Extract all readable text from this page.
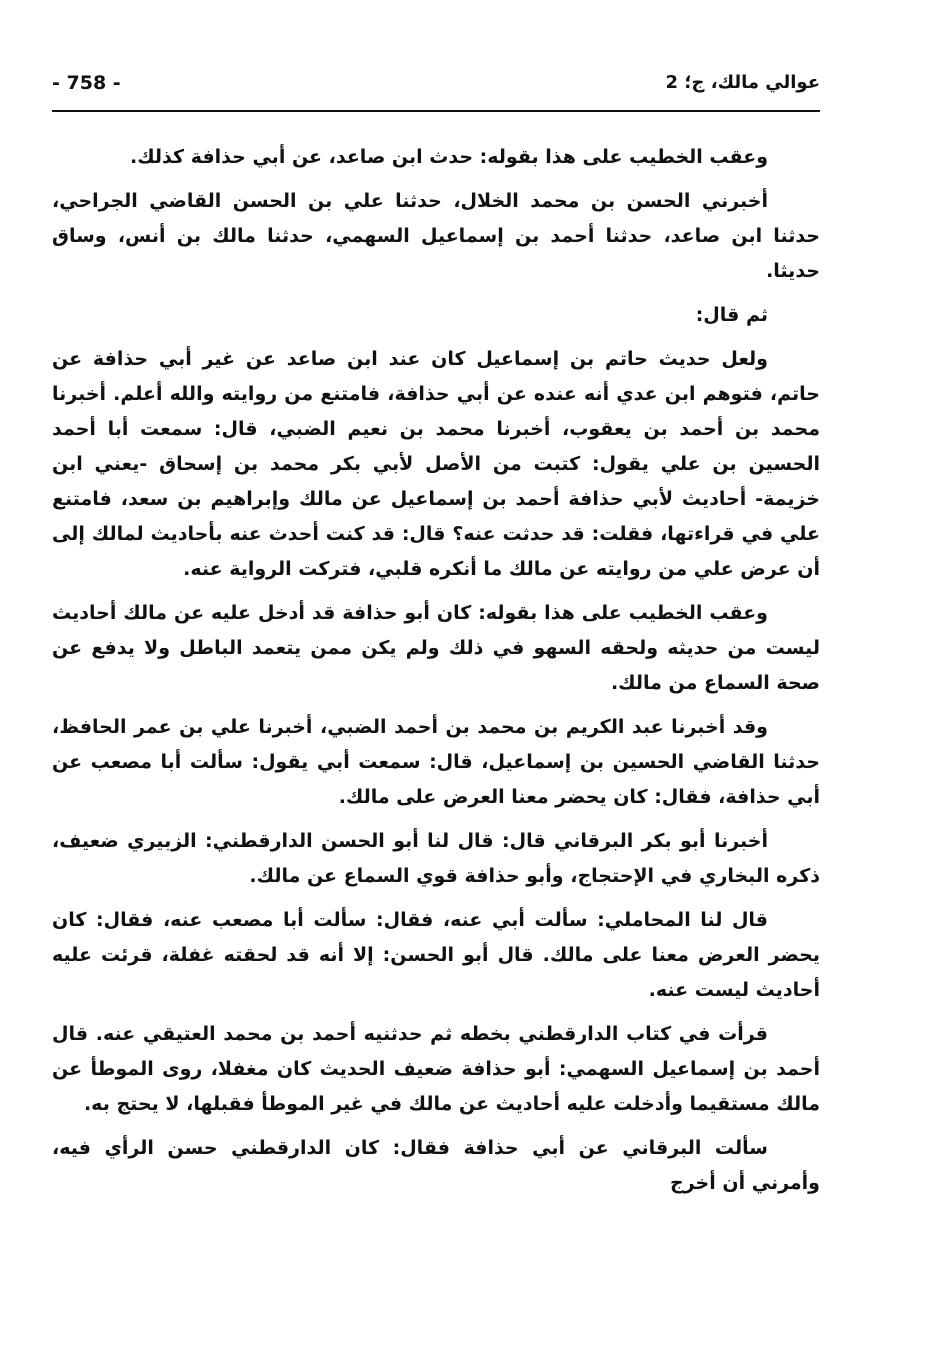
عوالي مالك، ج؛ 2
- 758 -

وعقب الخطيب على هذا بقوله: حدث ابن صاعد، عن أبي حذافة كذلك.

أخبرني الحسن بن محمد الخلال، حدثنا علي بن الحسن القاضي الجراحي، حدثنا ابن صاعد، حدثنا أحمد بن إسماعيل السهمي، حدثنا مالك بن أنس، وساق حديثا.

ثم قال:

ولعل حديث حاتم بن إسماعيل كان عند ابن صاعد عن غير أبي حذافة عن حاتم، فتوهم ابن عدي أنه عنده عن أبي حذافة، فامتنع من روايته والله أعلم. أخبرنا محمد بن أحمد بن يعقوب، أخبرنا محمد بن نعيم الضبي، قال: سمعت أبا أحمد الحسين بن علي يقول: كتبت من الأصل لأبي بكر محمد بن إسحاق -يعني ابن خزيمة- أحاديث لأبي حذافة أحمد بن إسماعيل عن مالك وإبراهيم بن سعد، فامتنع علي في قراءتها، فقلت: قد حدثت عنه؟ قال: قد كنت أحدث عنه بأحاديث لمالك إلى أن عرض علي من روايته عن مالك ما أنكره قلبي، فتركت الرواية عنه.

وعقب الخطيب على هذا بقوله: كان أبو حذافة قد أدخل عليه عن مالك أحاديث ليست من حديثه ولحقه السهو في ذلك ولم يكن ممن يتعمد الباطل ولا يدفع عن صحة السماع من مالك.

وقد أخبرنا عبد الكريم بن محمد بن أحمد الضبي، أخبرنا علي بن عمر الحافظ، حدثنا القاضي الحسين بن إسماعيل، قال: سمعت أبي يقول: سألت أبا مصعب عن أبي حذافة، فقال: كان يحضر معنا العرض على مالك.

أخبرنا أبو بكر البرقاني قال: قال لنا أبو الحسن الدارقطني: الزبيري ضعيف، ذكره البخاري في الإحتجاج، وأبو حذافة قوي السماع عن مالك.

قال لنا المحاملي: سألت أبي عنه، فقال: سألت أبا مصعب عنه، فقال: كان يحضر العرض معنا على مالك. قال أبو الحسن: إلا أنه قد لحقته غفلة، قرئت عليه أحاديث ليست عنه.

قرأت في كتاب الدارقطني بخطه ثم حدثنيه أحمد بن محمد العتيقي عنه. قال أحمد بن إسماعيل السهمي: أبو حذافة ضعيف الحديث كان مغفلا، روى الموطأ عن مالك مستقيما وأدخلت عليه أحاديث عن مالك في غير الموطأ فقبلها، لا يحتج به.

سألت البرقاني عن أبي حذافة فقال: كان الدارقطني حسن الرأي فيه، وأمرني أن أخرج
